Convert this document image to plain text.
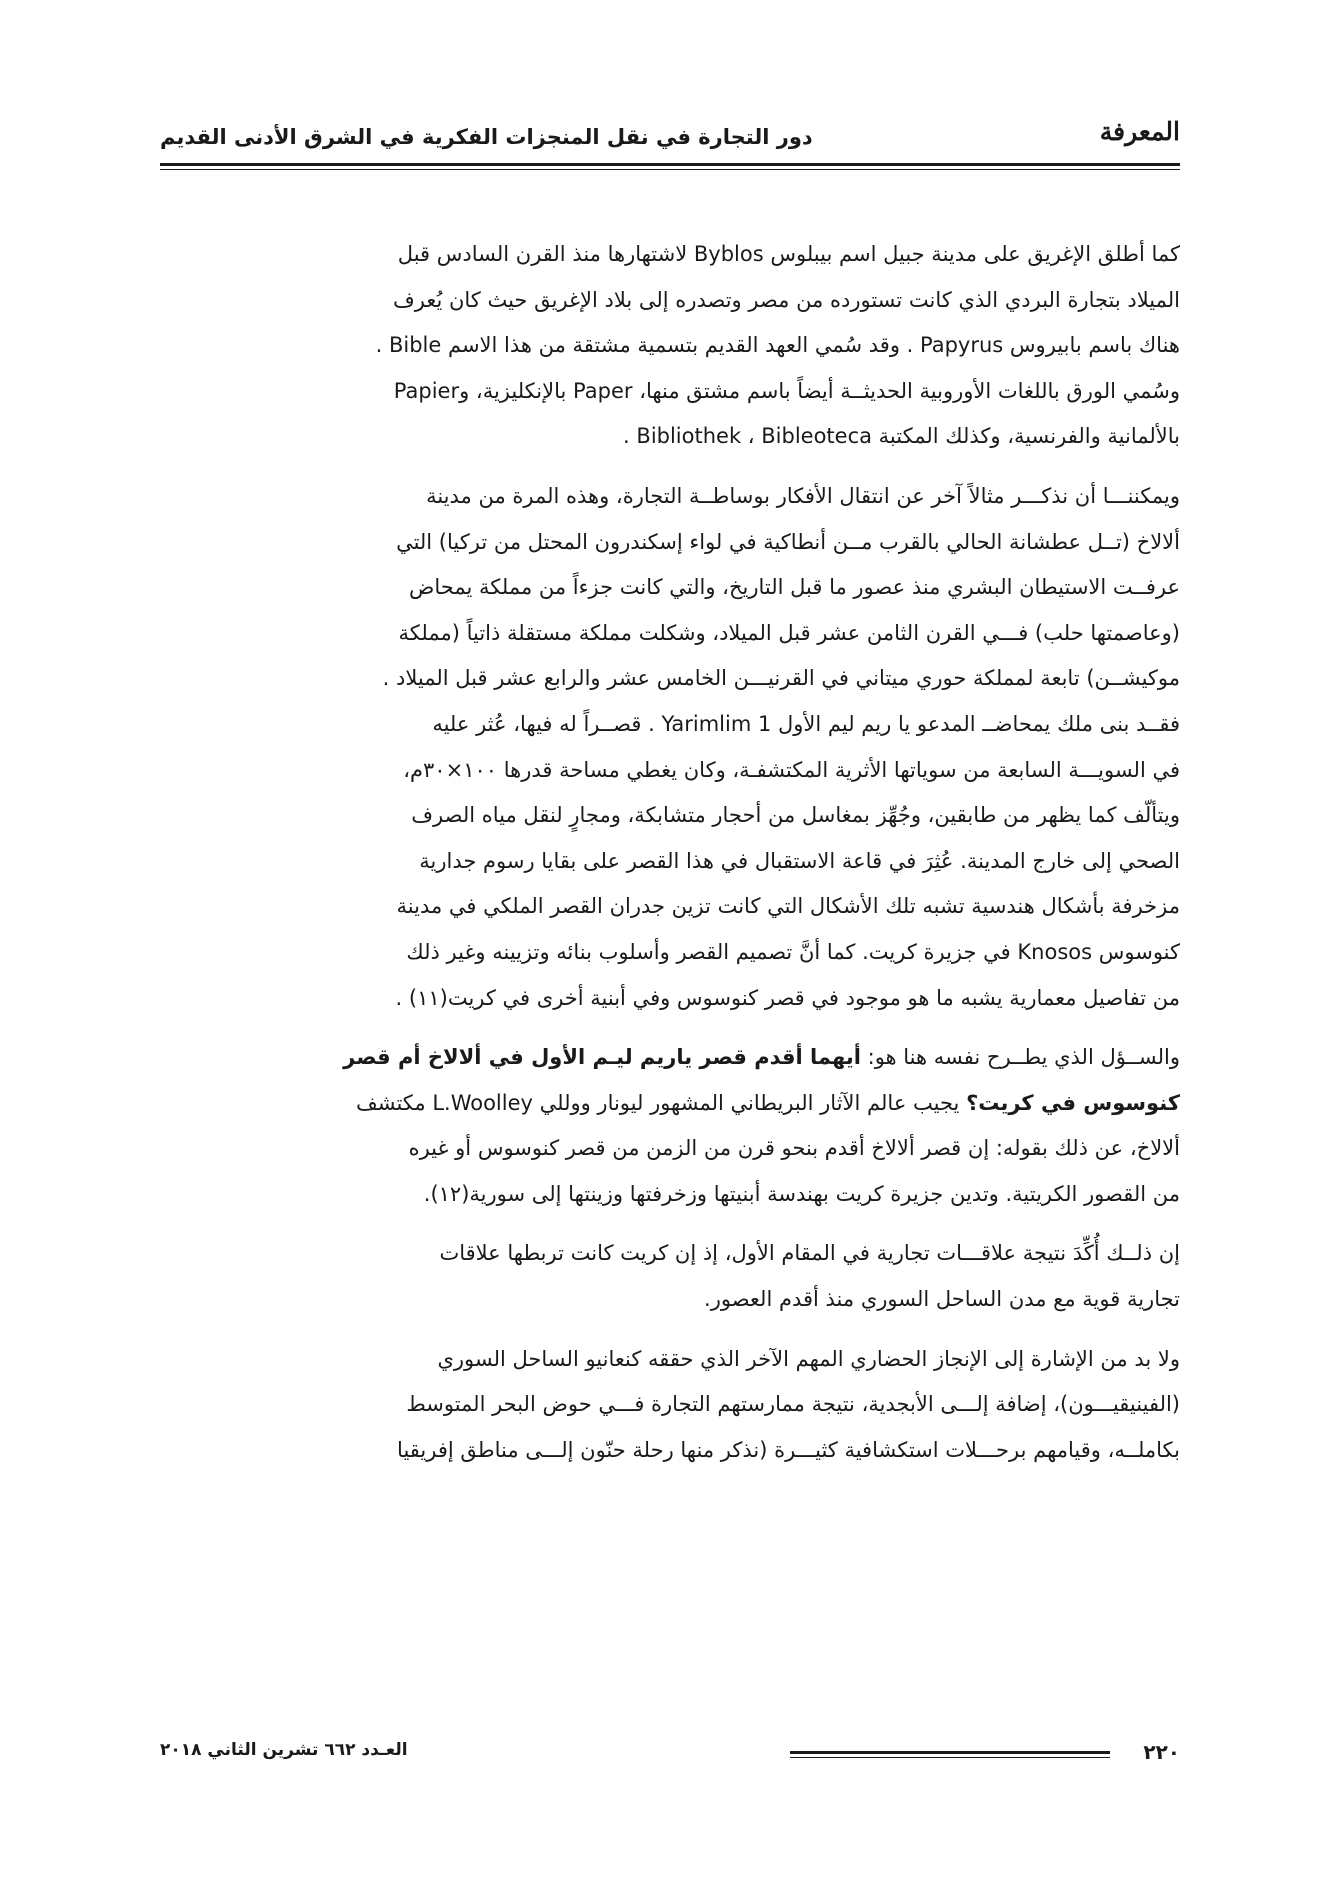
دور التجارة في نقل المنجزات الفكرية في الشرق الأدنى القديم	المعرفة

كما أطلق الإغريق على مدينة جبيل اسم بيبلوس Byblos لاشتهارها منذ القرن السادس قبل
الميلاد بتجارة البردي الذي كانت تستورده من مصر وتصدره إلى بلاد الإغريق حيث كان يُعرف
هناك باسم بابيروس Papyrus . وقد سُمي العهد القديم بتسمية مشتقة من هذا الاسم Bible .
وسُمي الورق باللغات الأوروبية الحديثــة أيضاً باسم مشتق منها، Paper بالإنكليزية، وPapier
بالألمانية والفرنسية، وكذلك المكتبة Bibliothek ، Bibleoteca .

ويمكننـــا أن نذكـــر مثالاً آخر عن انتقال الأفكار بوساطــة التجارة، وهذه المرة من مدينة
ألالاخ (تــل عطشانة الحالي بالقرب مــن أنطاكية في لواء إسكندرون المحتل من تركيا) التي
عرفــت الاستيطان البشري منذ عصور ما قبل التاريخ، والتي كانت جزءاً من مملكة يمحاض
(وعاصمتها حلب) فـــي القرن الثامن عشر قبل الميلاد، وشكلت مملكة مستقلة ذاتياً (مملكة
موكيشــن) تابعة لمملكة حوري ميتاني في القرنيـــن الخامس عشر والرابع عشر قبل الميلاد .
فقــد بنى ملك يمحاضــ المدعو يا ريم ليم الأول Yarimlim 1 . قصــراً له فيها، عُثر عليه
في السويـــة السابعة من سوياتها الأثرية المكتشفـة، وكان يغطي مساحة قدرها ١٠٠×٣٠م،
ويتألّف كما يظهر من طابقين، وجُهِّز بمغاسل من أحجار متشابكة، ومجارٍ لنقل مياه الصرف
الصحي إلى خارج المدينة. عُثِرَ في قاعة الاستقبال في هذا القصر على بقايا رسوم جدارية
مزخرفة بأشكال هندسية تشبه تلك الأشكال التي كانت تزين جدران القصر الملكي في مدينة
كنوسوس Knosos في جزيرة كريت. كما أنَّ تصميم القصر وأسلوب بنائه وتزيينه وغير ذلك
من تفاصيل معمارية يشبه ما هو موجود في قصر كنوسوس وفي أبنية أخرى في كريت(١١) .

والســؤل الذي يطــرح نفسه هنا هو: أيهما أقدم قصر ياريم ليـم الأول في ألالاخ أم قصر
كنوسوس في كريت؟ يجيب عالم الآثار البريطاني المشهور ليونار ووللي L.Woolley مكتشف
ألالاخ، عن ذلك بقوله: إن قصر ألالاخ أقدم بنحو قرن من الزمن من قصر كنوسوس أو غيره
من القصور الكريتية. وتدين جزيرة كريت بهندسة أبنيتها وزخرفتها وزينتها إلى سورية(١٢).

إن ذلــك أُكِّدَ نتيجة علاقـــات تجارية في المقام الأول، إذ إن كريت كانت تربطها علاقات
تجارية قوية مع مدن الساحل السوري منذ أقدم العصور.

ولا بد من الإشارة إلى الإنجاز الحضاري المهم الآخر الذي حققه كنعانيو الساحل السوري
(الفينيقيـــون)، إضافة إلـــى الأبجدية، نتيجة ممارستهم التجارة فـــي حوض البحر المتوسط
بكاملــه، وقيامهم برحـــلات استكشافية كثيـــرة (نذكر منها رحلة حنّون إلـــى مناطق إفريقيا

٢٢٠
العـدد ٦٦٢ تشرين الثاني ٢٠١٨
